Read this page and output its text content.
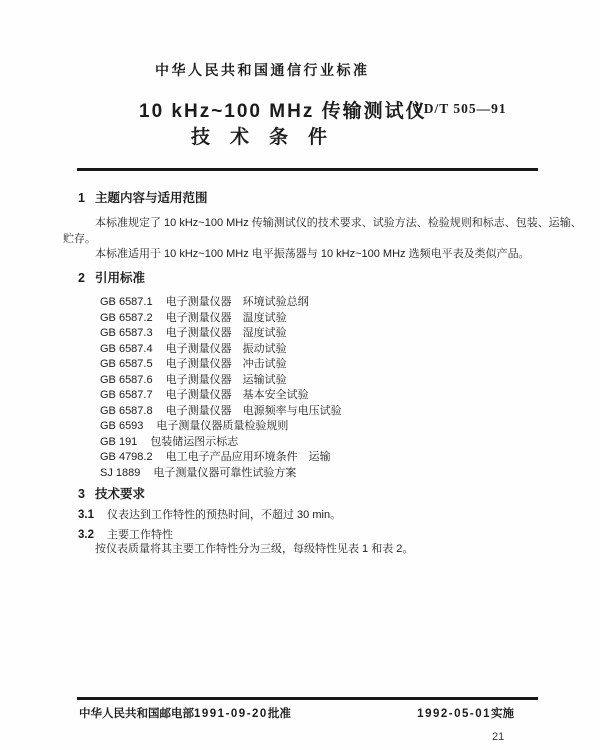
中华人民共和国通信行业标准
10 kHz~100 MHz 传输测试仪
YD/T 505—91
技术条件
1 主题内容与适用范围
本标准规定了 10 kHz~100 MHz 传输测试仪的技术要求、试验方法、检验规则和标志、包装、运输、
贮存。
本标准适用于 10 kHz~100 MHz 电平振荡器与 10 kHz~100 MHz 选频电平表及类似产品。
2 引用标准
GB 6587.1 电子测量仪器　环境试验总纲
GB 6587.2 电子测量仪器　温度试验
GB 6587.3 电子测量仪器　湿度试验
GB 6587.4 电子测量仪器　振动试验
GB 6587.5 电子测量仪器　冲击试验
GB 6587.6 电子测量仪器　运输试验
GB 6587.7 电子测量仪器　基本安全试验
GB 6587.8 电子测量仪器　电源频率与电压试验
GB 6593 电子测量仪器质量检验规则
GB 191 包装储运图示标志
GB 4798.2 电工电子产品应用环境条件　运输
SJ 1889 电子测量仪器可靠性试验方案
3 技术要求
3.1 仪表达到工作特性的预热时间，不超过 30 min。
3.2 主要工作特性
按仪表质量将其主要工作特性分为三级，每级特性见表 1 和表 2。
中华人民共和国邮电部1991-09-20批准	1992-05-01实施
21
